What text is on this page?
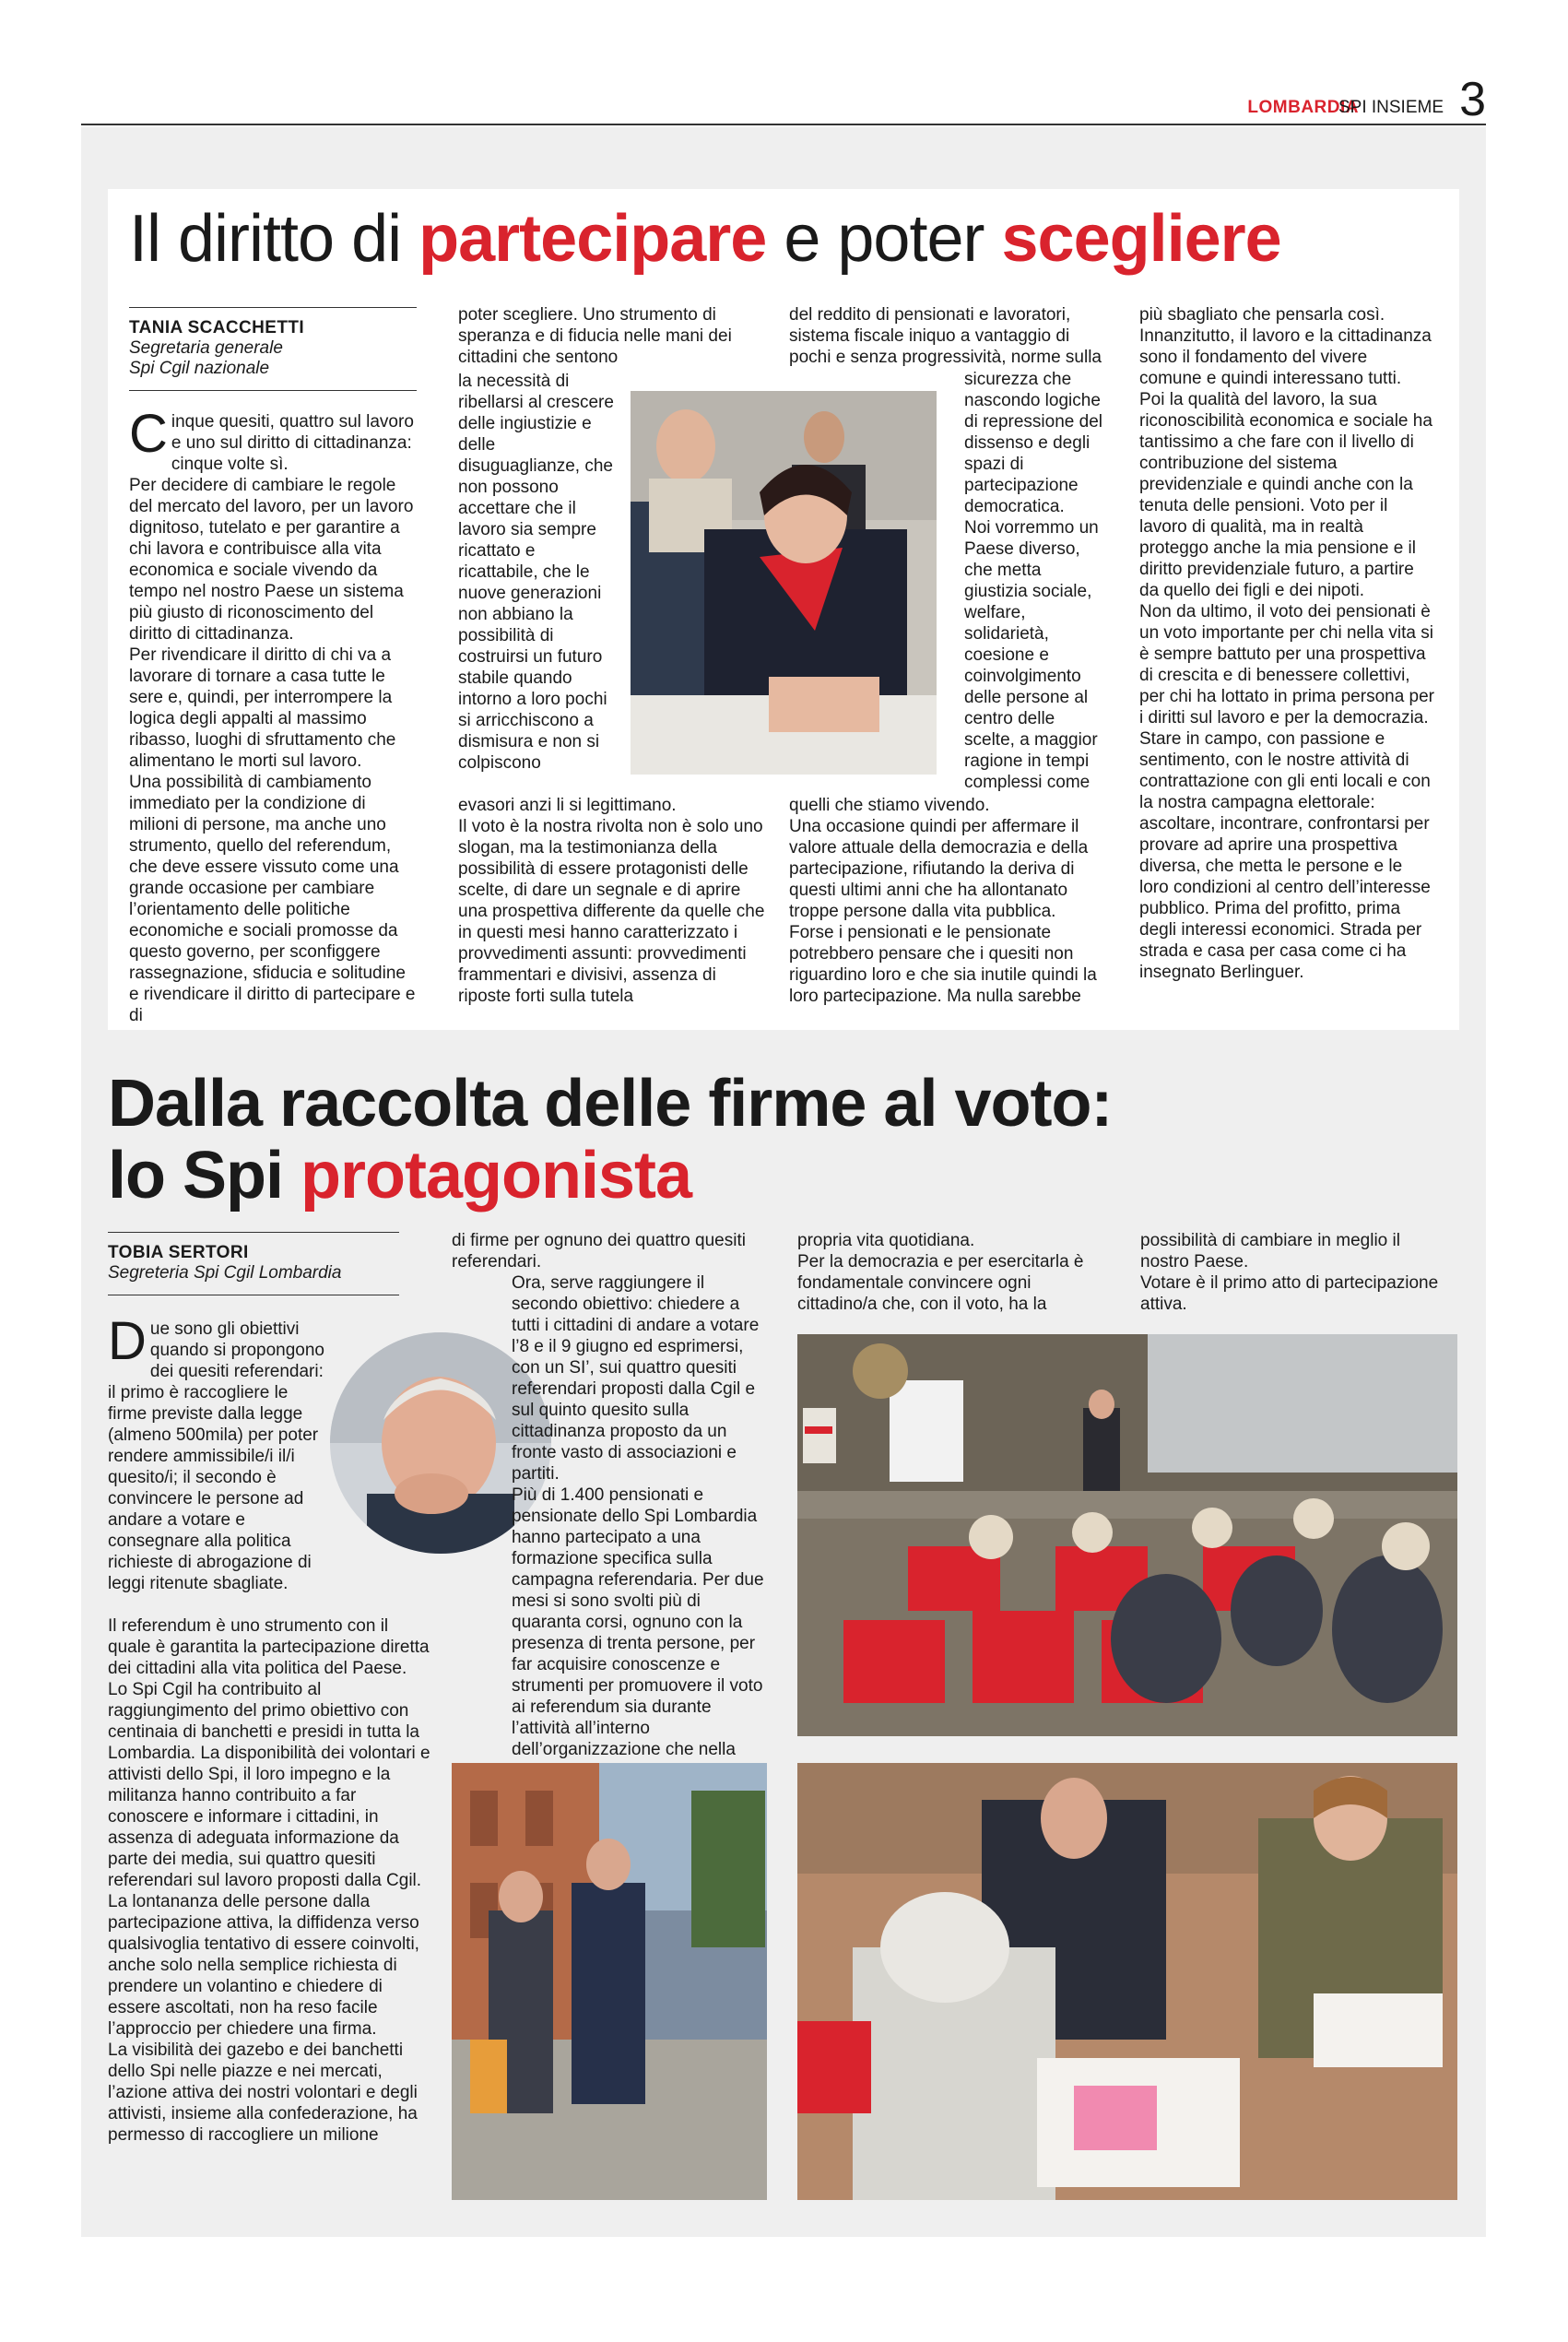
LOMBARDIA
SPI INSIEME 3
Il diritto di partecipare e poter scegliere
TANIA SCACCHETTI
Segretaria generale
Spi Cgil nazionale

Cinque quesiti, quattro sul lavoro e uno sul diritto di cittadinanza: cinque volte sì.

Per decidere di cambiare le regole del mercato del lavoro, per un lavoro dignitoso, tutelato e per garantire a chi lavora e contribuisce alla vita economica e sociale vivendo da tempo nel nostro Paese un sistema più giusto di riconoscimento del diritto di cittadinanza.

Per rivendicare il diritto di chi va a lavorare di tornare a casa tutte le sere e, quindi, per interrompere la logica degli appalti al massimo ribasso, luoghi di sfruttamento che alimentano le morti sul lavoro.

Una possibilità di cambiamento immediato per la condizione di milioni di persone, ma anche uno strumento, quello del referendum, che deve essere vissuto come una grande occasione per cambiare l’orientamento delle politiche economiche e sociali promosse da questo governo, per sconfiggere rassegnazione, sfiducia e solitudine e rivendicare il diritto di partecipare e di

poter scegliere. Uno strumento di speranza e di fiducia nelle mani dei cittadini che sentono

la necessità di ribellarsi al crescere delle ingiustizie e delle disuguaglianze, che non possono accettare che il lavoro sia sempre ricattato e ricattabile, che le nuove generazioni non abbiano la possibilità di costruirsi un futuro stabile quando intorno a loro pochi si arricchiscono a dismisura e non si colpiscono

evasori anzi li si legittimano.

Il voto è la nostra rivolta non è solo uno slogan, ma la testimonianza della possibilità di essere protagonisti delle scelte, di dare un segnale e di aprire una prospettiva differente da quelle che in questi mesi hanno caratterizzato i provvedimenti assunti: provvedimenti frammentari e divisivi, assenza di riposte forti sulla tutela

del reddito di pensionati e lavoratori, sistema fiscale iniquo a vantaggio di pochi e senza progressività, norme sulla

sicurezza che nascondo logiche di repressione del dissenso e degli spazi di partecipazione democratica.

Noi vorremmo un Paese diverso, che metta giustizia sociale, welfare, solidarietà, coesione e coinvolgimento delle persone al centro delle scelte, a maggior ragione in tempi complessi come

quelli che stiamo vivendo.

Una occasione quindi per affermare il valore attuale della democrazia e della partecipazione, rifiutando la deriva di questi ultimi anni che ha allontanato troppe persone dalla vita pubblica.

Forse i pensionati e le pensionate potrebbero pensare che i quesiti non riguardino loro e che sia inutile quindi la loro partecipazione. Ma nulla sarebbe

più sbagliato che pensarla così. Innanzitutto, il lavoro e la cittadinanza sono il fondamento del vivere comune e quindi interessano tutti.

Poi la qualità del lavoro, la sua riconoscibilità economica e sociale ha tantissimo a che fare con il livello di contribuzione del sistema previdenziale e quindi anche con la tenuta delle pensioni. Voto per il lavoro di qualità, ma in realtà proteggo anche la mia pensione e il diritto previdenziale futuro, a partire da quello dei figli e dei nipoti.

Non da ultimo, il voto dei pensionati è un voto importante per chi nella vita si è sempre battuto per una prospettiva di crescita e di benessere collettivi, per chi ha lottato in prima persona per i diritti sul lavoro e per la democrazia.

Stare in campo, con passione e sentimento, con le nostre attività di contrattazione con gli enti locali e con la nostra campagna elettorale: ascoltare, incontrare, confrontarsi per provare ad aprire una prospettiva diversa, che metta le persone e le loro condizioni al centro dell’interesse pubblico. Prima del profitto, prima degli interessi economici. Strada per strada e casa per casa come ci ha insegnato Berlinguer.

Dalla raccolta delle firme al voto:
lo Spi protagonista
TOBIA SERTORI
Segreteria Spi Cgil Lombardia

Due sono gli obiettivi quando si propongono dei quesiti referendari: il primo è raccogliere le firme previste dalla legge (almeno 500mila) per poter rendere ammissibile/i il/i quesito/i; il secondo è convincere le persone ad andare a votare e consegnare alla politica richieste di abrogazione di leggi ritenute sbagliate.

Il referendum è uno strumento con il quale è garantita la partecipazione diretta dei cittadini alla vita politica del Paese.

Lo Spi Cgil ha contribuito al raggiungimento del primo obiettivo con centinaia di banchetti e presidi in tutta la Lombardia. La disponibilità dei volontari e attivisti dello Spi, il loro impegno e la militanza hanno contribuito a far conoscere e informare i cittadini, in assenza di adeguata informazione da parte dei media, sui quattro quesiti referendari sul lavoro proposti dalla Cgil.

La lontananza delle persone dalla partecipazione attiva, la diffidenza verso qualsivoglia tentativo di essere coinvolti, anche solo nella semplice richiesta di prendere un volantino e chiedere di essere ascoltati, non ha reso facile l’approccio per chiedere una firma.

La visibilità dei gazebo e dei banchetti dello Spi nelle piazze e nei mercati, l’azione attiva dei nostri volontari e degli attivisti, insieme alla confederazione, ha permesso di raccogliere un milione

di firme per ognuno dei quattro quesiti referendari.

Ora, serve raggiungere il secondo obiettivo: chiedere a tutti i cittadini di andare a votare l’8 e il 9 giugno ed esprimersi, con un SI’, sui quattro quesiti referendari proposti dalla Cgil e sul quinto quesito sulla cittadinanza proposto da un fronte vasto di associazioni e partiti.

Più di 1.400 pensionati e pensionate dello Spi Lombardia hanno partecipato a una formazione specifica sulla campagna referendaria. Per due mesi si sono svolti più di quaranta corsi, ognuno con la presenza di trenta persone, per far acquisire conoscenze e strumenti per promuovere il voto ai referendum sia durante l’attività all’interno dell’organizzazione che nella

propria vita quotidiana.

Per la democrazia e per esercitarla è fondamentale convincere ogni cittadino/a che, con il voto, ha la

possibilità di cambiare in meglio il nostro Paese.

Votare è il primo atto di partecipazione attiva.
